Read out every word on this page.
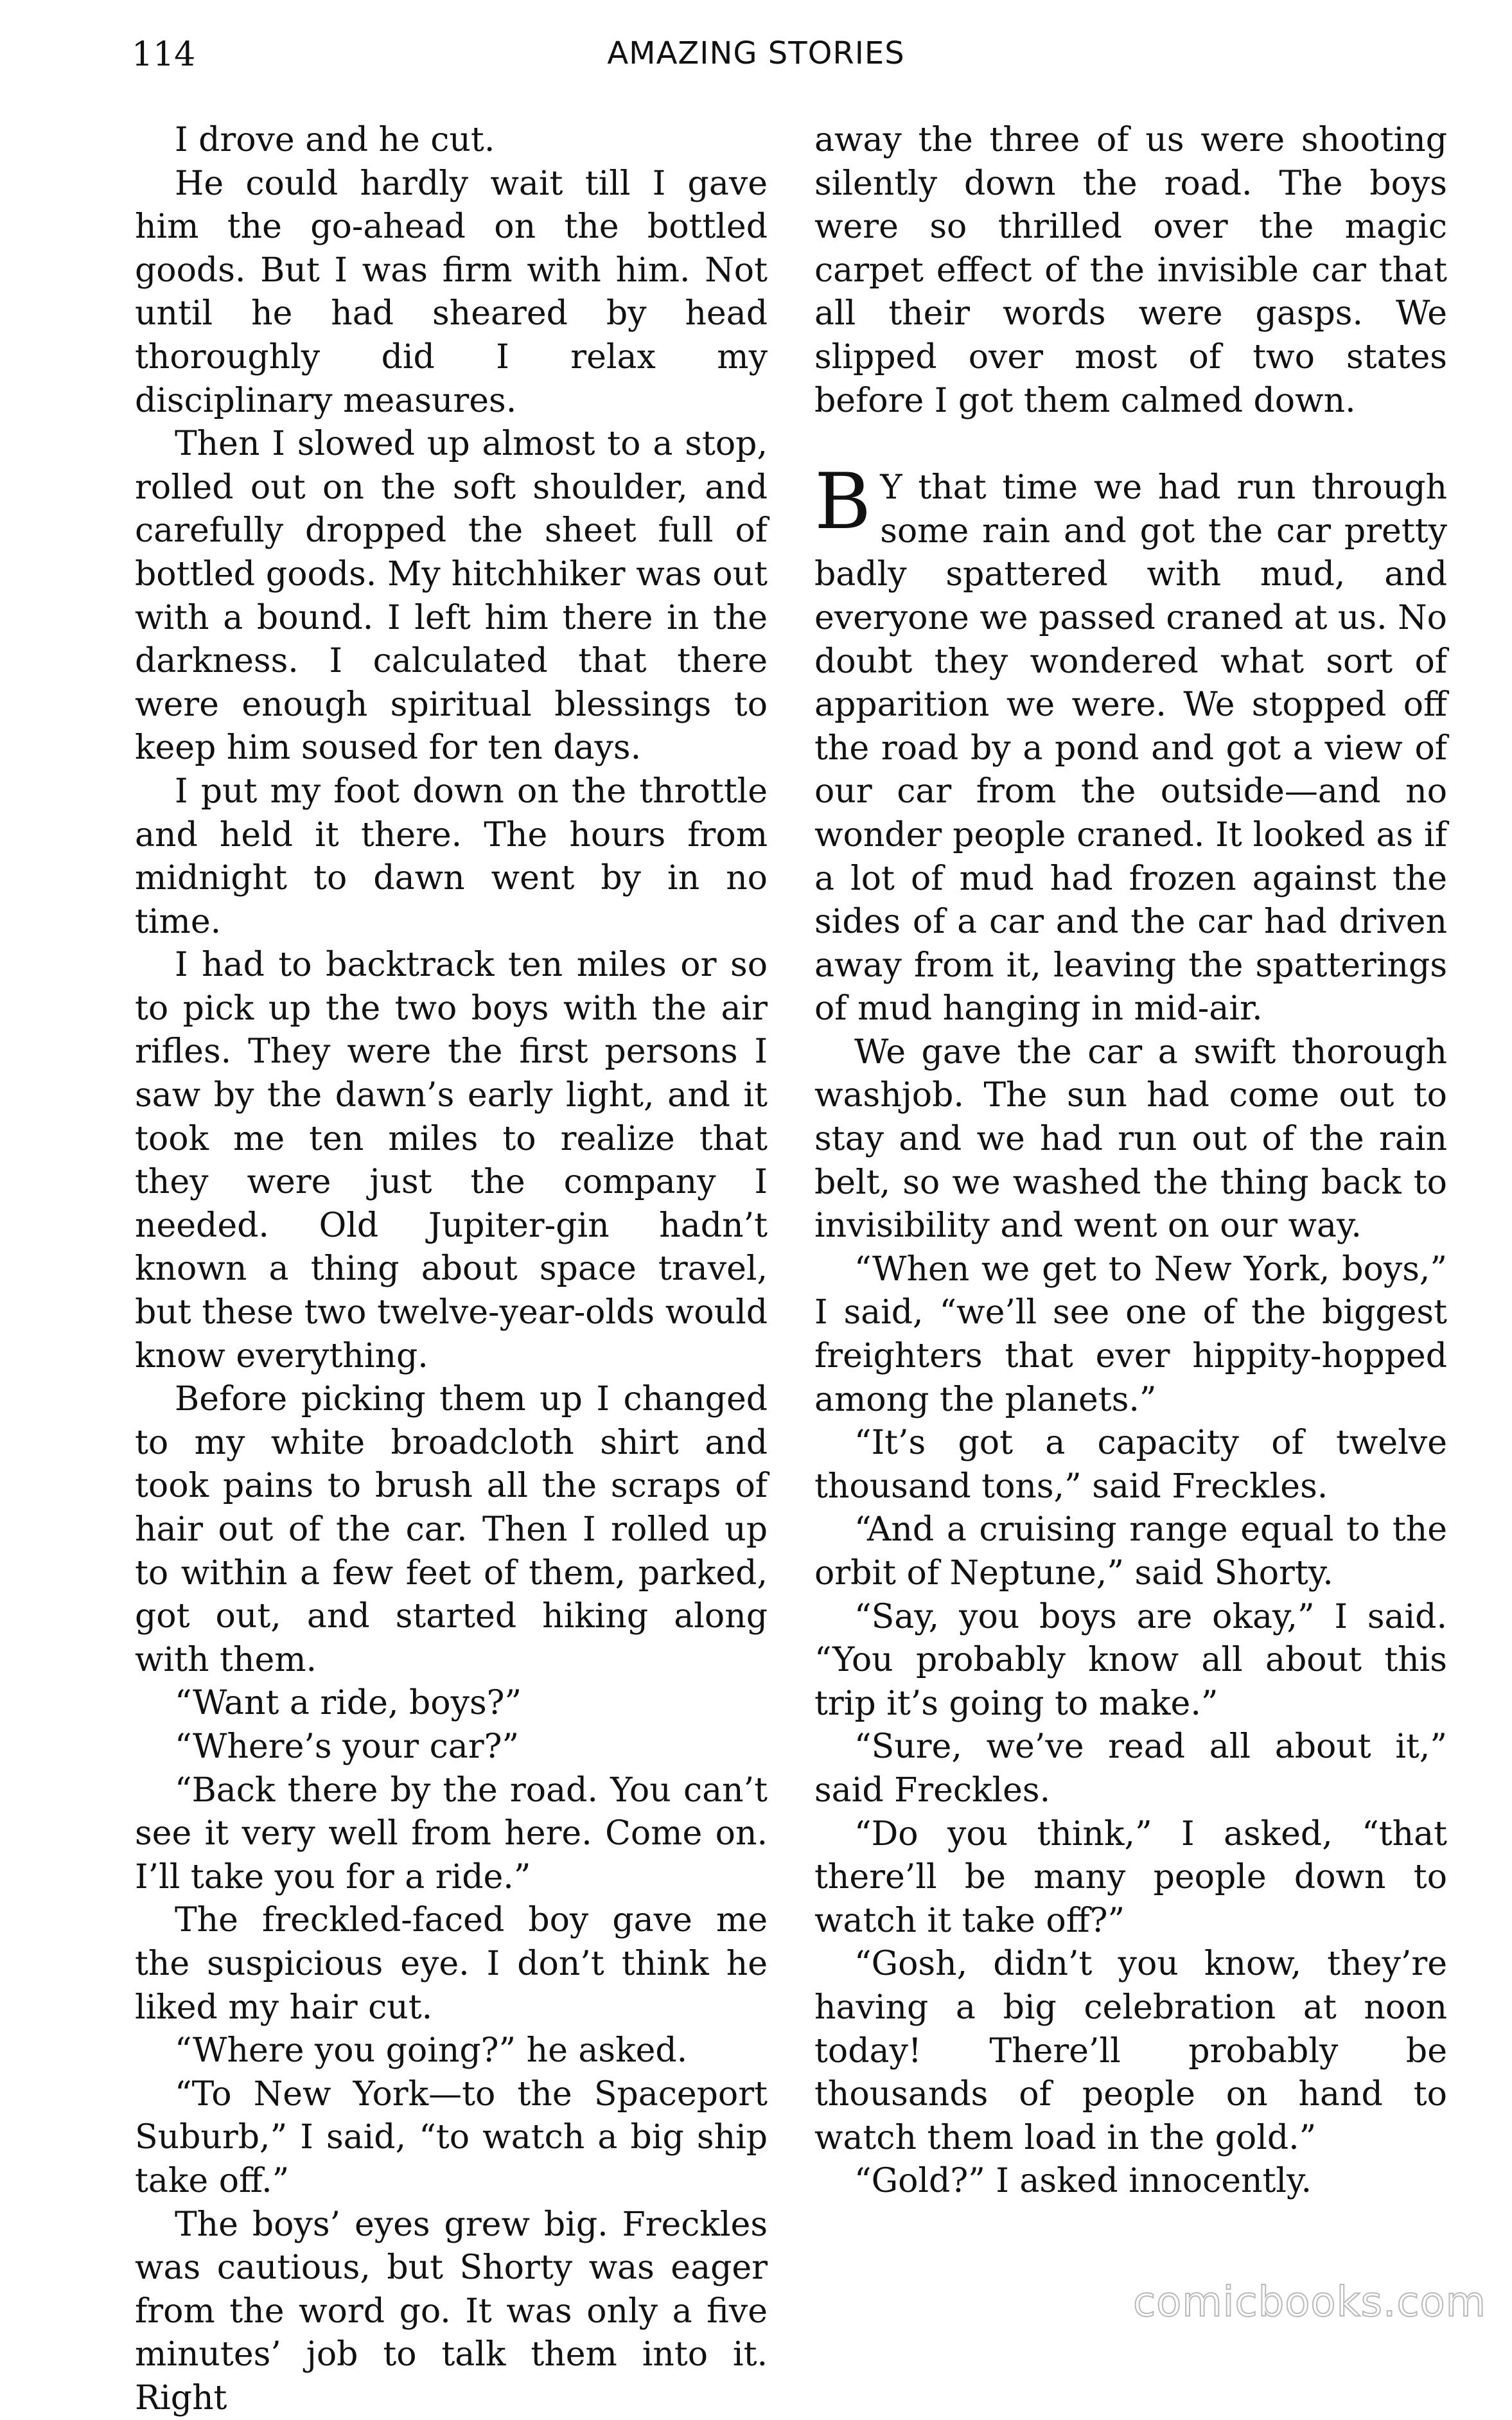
114	AMAZING STORIES

I drove and he cut.

He could hardly wait till I gave him the go-ahead on the bottled goods. But I was firm with him. Not until he had sheared by head thoroughly did I relax my disciplinary measures.

Then I slowed up almost to a stop, rolled out on the soft shoulder, and carefully dropped the sheet full of bottled goods. My hitchhiker was out with a bound. I left him there in the darkness. I calculated that there were enough spiritual blessings to keep him soused for ten days.

I put my foot down on the throttle and held it there. The hours from midnight to dawn went by in no time.

I had to backtrack ten miles or so to pick up the two boys with the air rifles. They were the first persons I saw by the dawn’s early light, and it took me ten miles to realize that they were just the company I needed. Old Jupiter-gin hadn’t known a thing about space travel, but these two twelve-year-olds would know everything.

Before picking them up I changed to my white broadcloth shirt and took pains to brush all the scraps of hair out of the car. Then I rolled up to within a few feet of them, parked, got out, and started hiking along with them.

“Want a ride, boys?”

“Where’s your car?”

“Back there by the road. You can’t see it very well from here. Come on. I’ll take you for a ride.”

The freckled-faced boy gave me the suspicious eye. I don’t think he liked my hair cut.

“Where you going?” he asked.

“To New York—to the Spaceport Suburb,” I said, “to watch a big ship take off.”

The boys’ eyes grew big. Freckles was cautious, but Shorty was eager from the word go. It was only a five minutes’ job to talk them into it. Right

away the three of us were shooting silently down the road. The boys were so thrilled over the magic carpet effect of the invisible car that all their words were gasps. We slipped over most of two states before I got them calmed down.

B Y that time we had run through some rain and got the car pretty badly spattered with mud, and everyone we passed craned at us. No doubt they wondered what sort of apparition we were. We stopped off the road by a pond and got a view of our car from the outside—and no wonder people craned. It looked as if a lot of mud had frozen against the sides of a car and the car had driven away from it, leaving the spatterings of mud hanging in mid-air.

We gave the car a swift thorough washjob. The sun had come out to stay and we had run out of the rain belt, so we washed the thing back to invisibility and went on our way.

“When we get to New York, boys,” I said, “we’ll see one of the biggest freighters that ever hippity-hopped among the planets.”

“It’s got a capacity of twelve thousand tons,” said Freckles.

“And a cruising range equal to the orbit of Neptune,” said Shorty.

“Say, you boys are okay,” I said. “You probably know all about this trip it’s going to make.”

“Sure, we’ve read all about it,” said Freckles.

“Do you think,” I asked, “that there’ll be many people down to watch it take off?”

“Gosh, didn’t you know, they’re having a big celebration at noon today! There’ll probably be thousands of people on hand to watch them load in the gold.”

“Gold?” I asked innocently.

comicbooks.com
